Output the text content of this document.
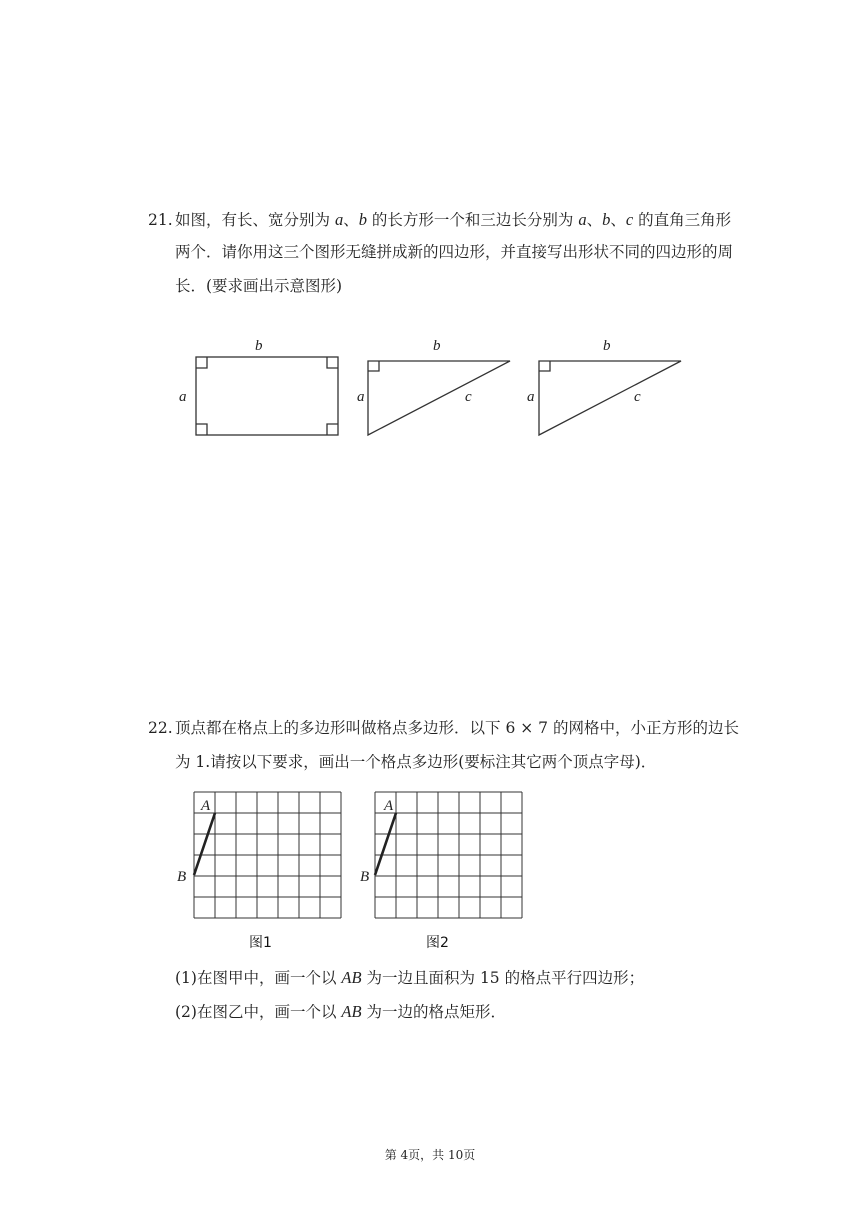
21. 如图，有长、宽分别为 a、b 的长方形一个和三边长分别为 a、b、c 的直角三角形
两个．请你用这三个图形无缝拼成新的四边形，并直接写出形状不同的四边形的周
长．(要求画出示意图形)
b
a
b
a	c
b
a	c
22. 顶点都在格点上的多边形叫做格点多边形．以下 6 × 7 的网格中，小正方形的边长
为 1.请按以下要求，画出一个格点多边形(要标注其它两个顶点字母)．
A
B
A
B
图1	图2
(1)在图甲中，画一个以 AB 为一边且面积为 15 的格点平行四边形；
(2)在图乙中，画一个以 AB 为一边的格点矩形．
第 4页，共 10页
